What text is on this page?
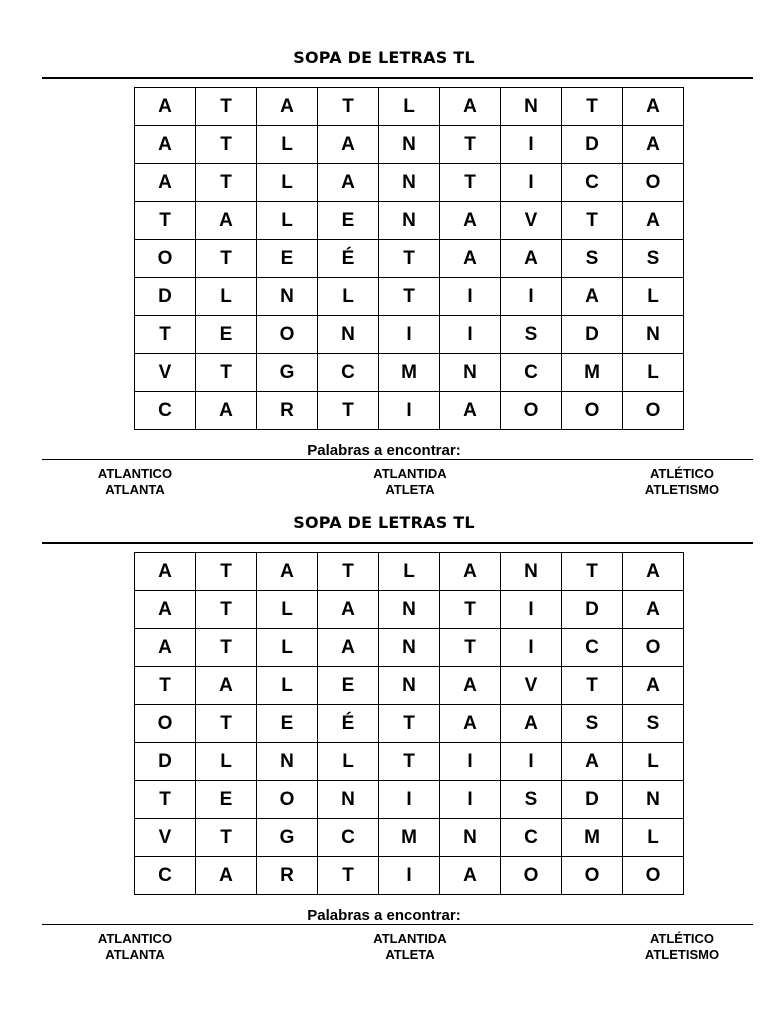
SOPA DE LETRAS TL
A	T	A	T	L	A	N	T	A
A	T	L	A	N	T	I	D	A
A	T	L	A	N	T	I	C	O
T	A	L	E	N	A	V	T	A
O	T	E	É	T	A	A	S	S
D	L	N	L	T	I	I	A	L
T	E	O	N	I	I	S	D	N
V	T	G	C	M	N	C	M	L
C	A	R	T	I	A	O	O	O
Palabras a encontrar:
ATLANTICO
ATLANTA
ATLANTIDA
ATLETA
ATLÉTICO
ATLETISMO
SOPA DE LETRAS TL
A	T	A	T	L	A	N	T	A
A	T	L	A	N	T	I	D	A
A	T	L	A	N	T	I	C	O
T	A	L	E	N	A	V	T	A
O	T	E	É	T	A	A	S	S
D	L	N	L	T	I	I	A	L
T	E	O	N	I	I	S	D	N
V	T	G	C	M	N	C	M	L
C	A	R	T	I	A	O	O	O
Palabras a encontrar:
ATLANTICO
ATLANTA
ATLANTIDA
ATLETA
ATLÉTICO
ATLETISMO
